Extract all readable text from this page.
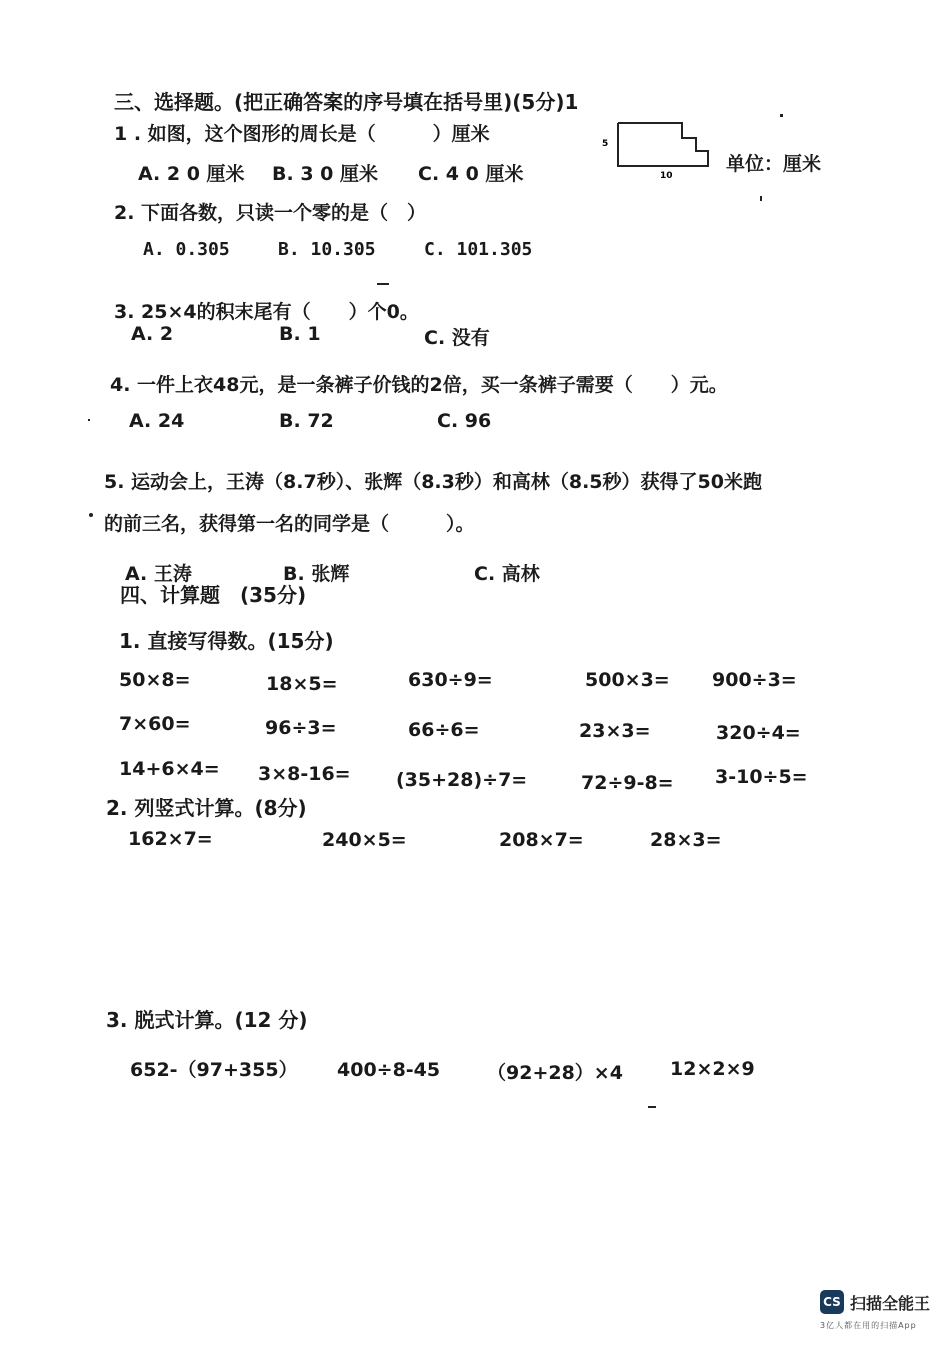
三、选择题。(把正确答案的序号填在括号里)(5分)1
1 . 如图，这个图形的周长是（　　　）厘米
A. 2 0 厘米 B. 3 0 厘米 C. 4 0 厘米
5
10
单位：厘米
2. 下面各数，只读一个零的是（　）
A. 0.305	B. 10.305	C. 101.305
3. 25×4的积末尾有（　　）个0。
A. 2	B. 1	C. 没有
4. 一件上衣48元，是一条裤子价钱的2倍，买一条裤子需要（　　）元。
A. 24	B. 72	C. 96
5. 运动会上，王涛（8.7秒）、张辉（8.3秒）和高林（8.5秒）获得了50米跑
的前三名，获得第一名的同学是（　　　）。
A. 王涛	B. 张辉	C. 高林
四、计算题　(35分)
1. 直接写得数。(15分)
50×8=	18×5=	630÷9=	500×3= 900÷3=
7×60=	96÷3=	66÷6=	23×3=	320÷4=
14+6×4= 3×8-16= (35+28)÷7=	72÷9-8= 3-10÷5=
2. 列竖式计算。(8分)
162×7=	240×5=	208×7=	28×3=
3. 脱式计算。(12 分)
652-（97+355） 400÷8-45 （92+28）×4 12×2×9
CS 扫描全能王
3亿人都在用的扫描App
